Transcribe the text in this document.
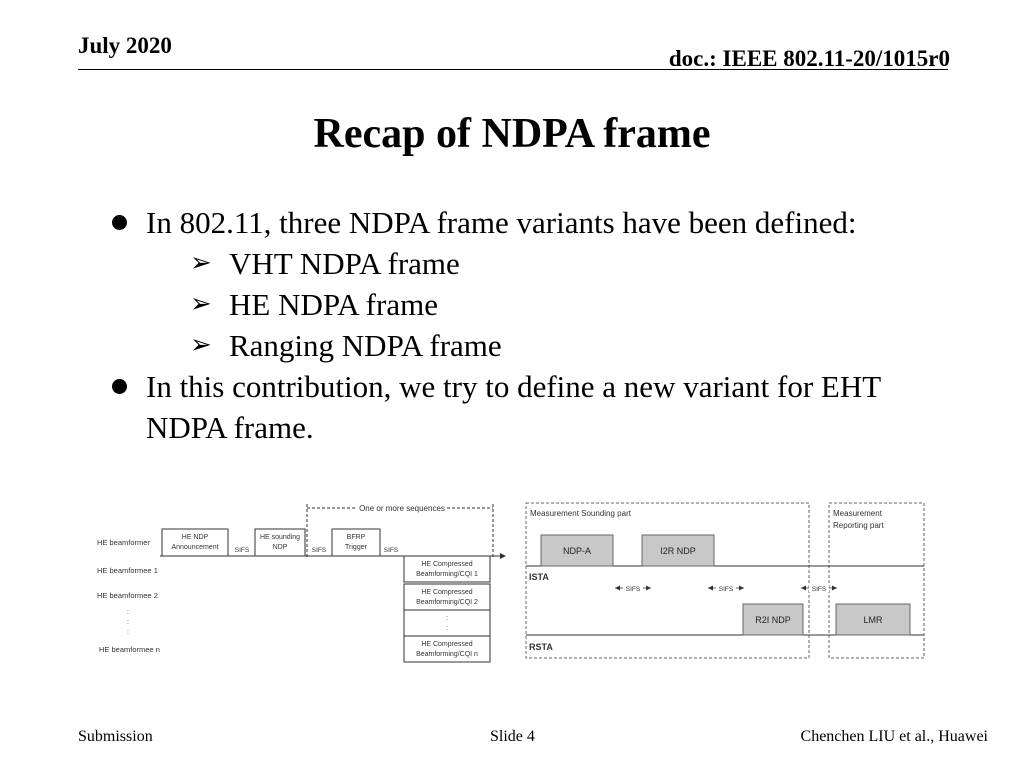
July 2020
doc.: IEEE 802.11-20/1015r0
Recap of NDPA frame
In 802.11, three NDPA frame variants have been defined:
➢ VHT NDPA frame
➢ HE NDPA frame
➢ Ranging NDPA frame
In this contribution, we try to define a new variant for EHT NDPA frame.
One or more sequences
HE beamformer
HE beamformee 1
HE beamformee 2
:
:
:
HE beamformee n
HE NDP
Announcement
HE sounding
NDP
BFRP
Trigger
SIFS	SIFS	SIFS
HE Compressed
Beamforming/CQI 1
HE Compressed
Beamforming/CQI 2
:
:
HE Compressed
Beamforming/CQI n
Measurement Sounding part	Measurement
Reporting part
ISTA
RSTA
NDP-A	I2R NDP
R2I NDP	LMR
SIFS	SIFS	SIFS
Submission	Slide 4	Chenchen LIU et al., Huawei
